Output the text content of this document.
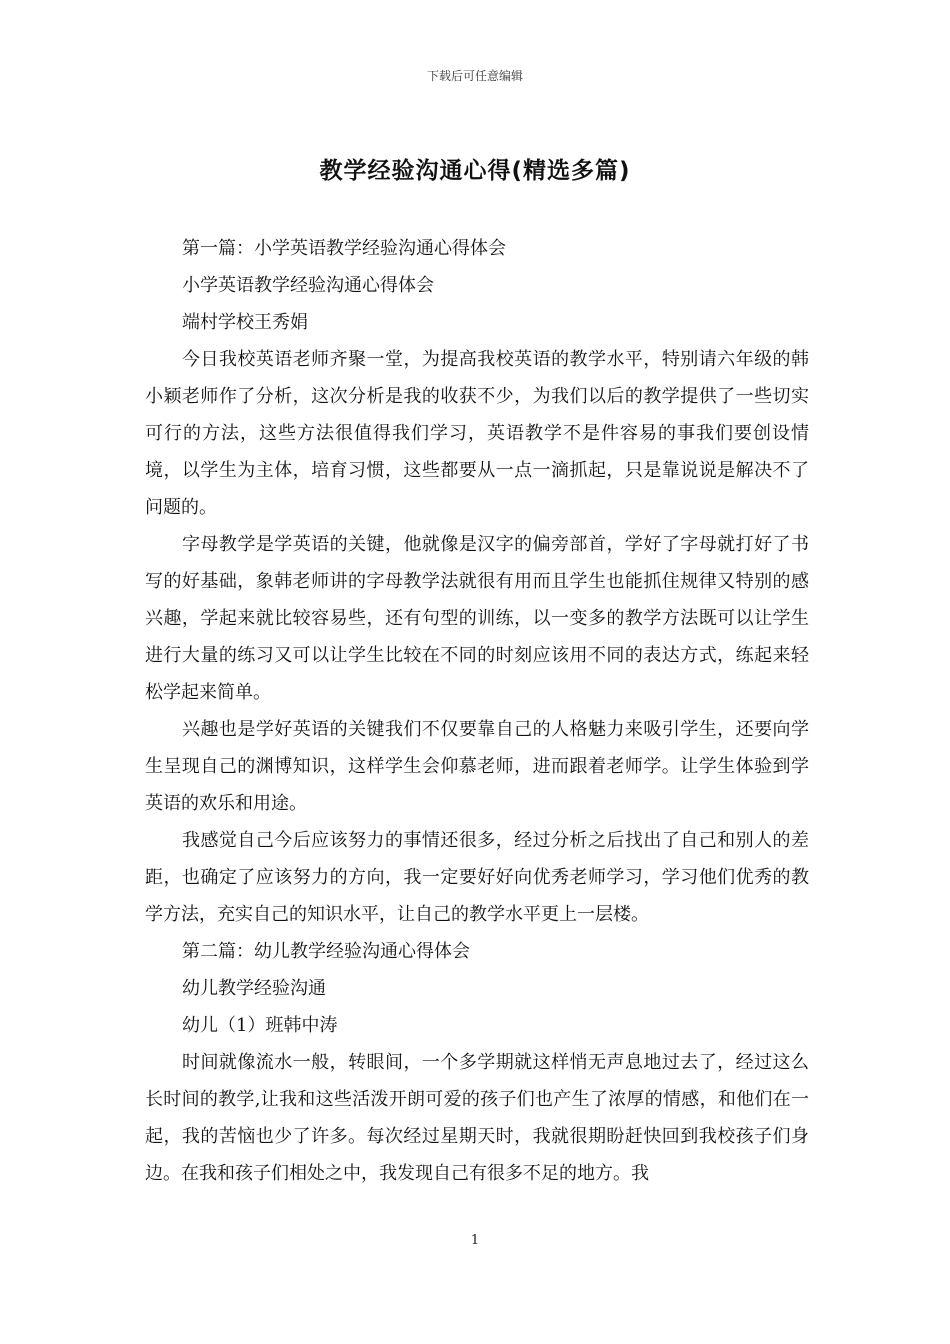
下载后可任意编辑
教学经验沟通心得(精选多篇)

第一篇：小学英语教学经验沟通心得体会

小学英语教学经验沟通心得体会

端村学校王秀娟

今日我校英语老师齐聚一堂，为提高我校英语的教学水平，特别请六年级的韩小颖老师作了分析，这次分析是我的收获不少，为我们以后的教学提供了一些切实可行的方法，这些方法很值得我们学习，英语教学不是件容易的事我们要创设情境，以学生为主体，培育习惯，这些都要从一点一滴抓起，只是靠说说是解决不了问题的。

字母教学是学英语的关键，他就像是汉字的偏旁部首，学好了字母就打好了书写的好基础，象韩老师讲的字母教学法就很有用而且学生也能抓住规律又特别的感兴趣，学起来就比较容易些，还有句型的训练，以一变多的教学方法既可以让学生进行大量的练习又可以让学生比较在不同的时刻应该用不同的表达方式，练起来轻松学起来简单。

兴趣也是学好英语的关键我们不仅要靠自己的人格魅力来吸引学生，还要向学生呈现自己的渊博知识，这样学生会仰慕老师，进而跟着老师学。让学生体验到学英语的欢乐和用途。

我感觉自己今后应该努力的事情还很多，经过分析之后找出了自己和别人的差距，也确定了应该努力的方向，我一定要好好向优秀老师学习，学习他们优秀的教学方法，充实自己的知识水平，让自己的教学水平更上一层楼。

第二篇：幼儿教学经验沟通心得体会

幼儿教学经验沟通

幼儿（1）班韩中涛

时间就像流水一般，转眼间，一个多学期就这样悄无声息地过去了，经过这么长时间的教学,让我和这些活泼开朗可爱的孩子们也产生了浓厚的情感，和他们在一起，我的苦恼也少了许多。每次经过星期天时，我就很期盼赶快回到我校孩子们身边。在我和孩子们相处之中，我发现自己有很多不足的地方。我

1
